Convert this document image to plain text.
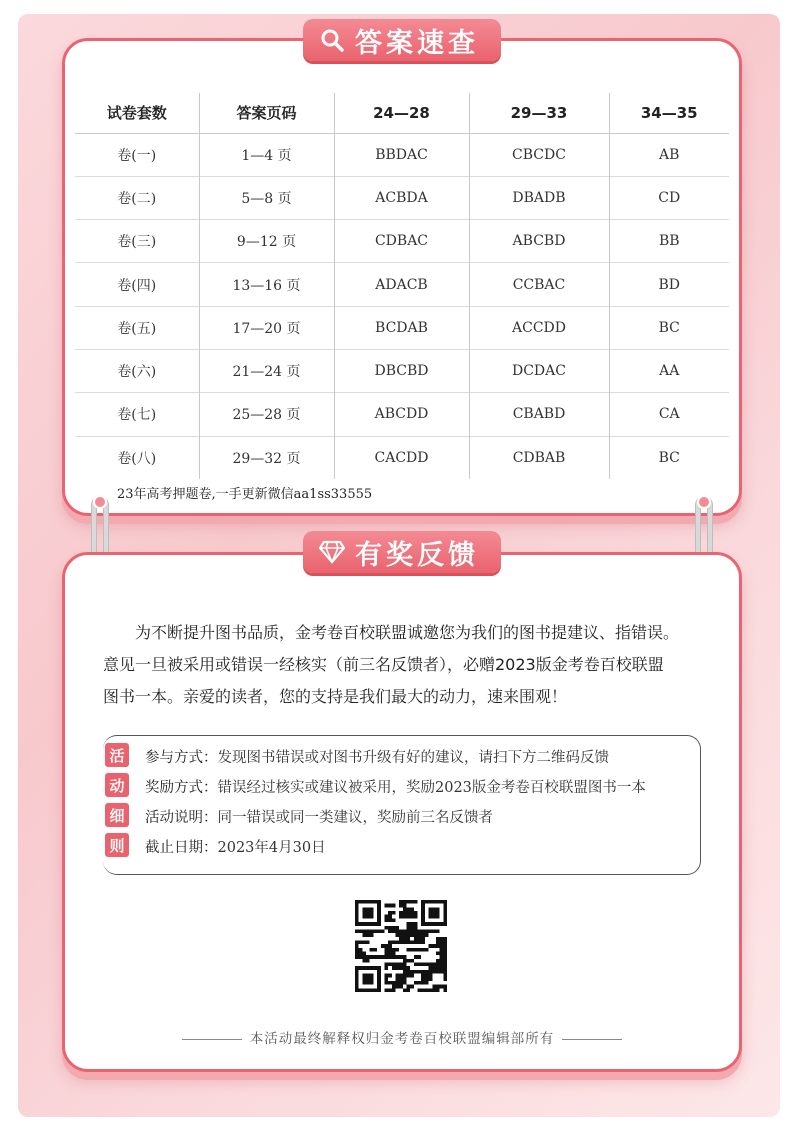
答案速查
试卷套数	答案页码	24—28	29—33	34—35
卷(一)	1—4 页	BBDAC	CBCDC	AB
卷(二)	5—8 页	ACBDA	DBADB	CD
卷(三)	9—12 页	CDBAC	ABCBD	BB
卷(四)	13—16 页	ADACB	CCBAC	BD
卷(五)	17—20 页	BCDAB	ACCDD	BC
卷(六)	21—24 页	DBCBD	DCDAC	AA
卷(七)	25—28 页	ABCDD	CBABD	CA
卷(八)	29—32 页	CACDD	CDBAB	BC
23年高考押题卷,一手更新微信aa1ss33555
有奖反馈
为不断提升图书品质，金考卷百校联盟诚邀您为我们的图书提建议、指错误。
意见一旦被采用或错误一经核实（前三名反馈者），必赠2023版金考卷百校联盟
图书一本。亲爱的读者，您的支持是我们最大的动力，速来围观！
活
动
细
则
参与方式： 发现图书错误或对图书升级有好的建议，请扫下方二维码反馈
奖励方式： 错误经过核实或建议被采用，奖励2023版金考卷百校联盟图书一本
活动说明： 同一错误或同一类建议，奖励前三名反馈者
截止日期： 2023年4月30日
本活动最终解释权归金考卷百校联盟编辑部所有
